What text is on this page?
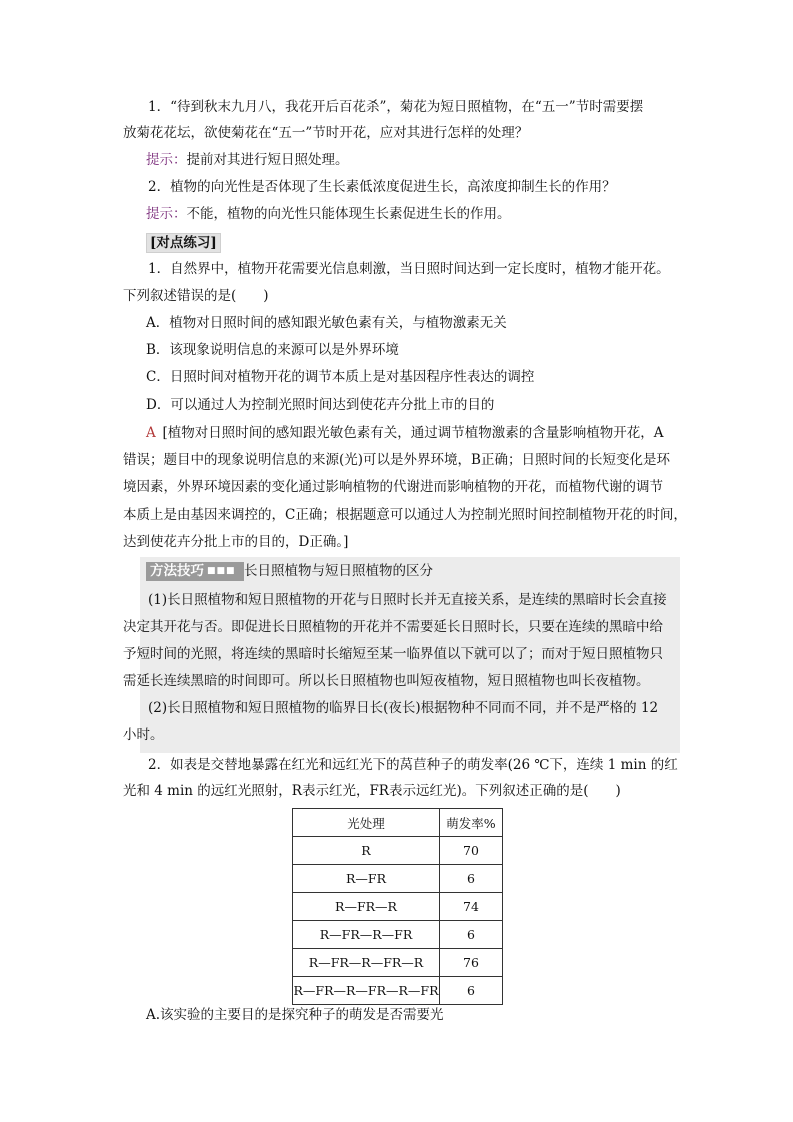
1．“待到秋末九月八，我花开后百花杀”，菊花为短日照植物，在“五一”节时需要摆
放菊花花坛，欲使菊花在“五一”节时开花，应对其进行怎样的处理？
提示：提前对其进行短日照处理。
2．植物的向光性是否体现了生长素低浓度促进生长，高浓度抑制生长的作用？
提示：不能，植物的向光性只能体现生长素促进生长的作用。
[对点练习]
1．自然界中，植物开花需要光信息刺激，当日照时间达到一定长度时，植物才能开花。
下列叙述错误的是(　　)
A．植物对日照时间的感知跟光敏色素有关，与植物激素无关
B．该现象说明信息的来源可以是外界环境
C．日照时间对植物开花的调节本质上是对基因程序性表达的调控
D．可以通过人为控制光照时间达到使花卉分批上市的目的
A  [植物对日照时间的感知跟光敏色素有关，通过调节植物激素的含量影响植物开花，A
错误；题目中的现象说明信息的来源(光)可以是外界环境，B正确；日照时间的长短变化是环
境因素，外界环境因素的变化通过影响植物的代谢进而影响植物的开花，而植物代谢的调节
本质上是由基因来调控的，C正确；根据题意可以通过人为控制光照时间控制植物开花的时间，
达到使花卉分批上市的目的，D正确。]
方法技巧 ■■■ 长日照植物与短日照植物的区分
(1)长日照植物和短日照植物的开花与日照时长并无直接关系，是连续的黑暗时长会直接
决定其开花与否。即促进长日照植物的开花并不需要延长日照时长，只要在连续的黑暗中给
予短时间的光照，将连续的黑暗时长缩短至某一临界值以下就可以了；而对于短日照植物只
需延长连续黑暗的时间即可。所以长日照植物也叫短夜植物，短日照植物也叫长夜植物。
(2)长日照植物和短日照植物的临界日长(夜长)根据物种不同而不同，并不是严格的 12
小时。
2．如表是交替地暴露在红光和远红光下的莴苣种子的萌发率(26 ℃下，连续 1 min 的红
光和 4 min 的远红光照射，R表示红光，FR表示远红光)。下列叙述正确的是(　　)
光处理	萌发率%
R	70
R—FR	6
R—FR—R	74
R—FR—R—FR	6
R—FR—R—FR—R	76
R—FR—R—FR—R—FR	6
A.该实验的主要目的是探究种子的萌发是否需要光
